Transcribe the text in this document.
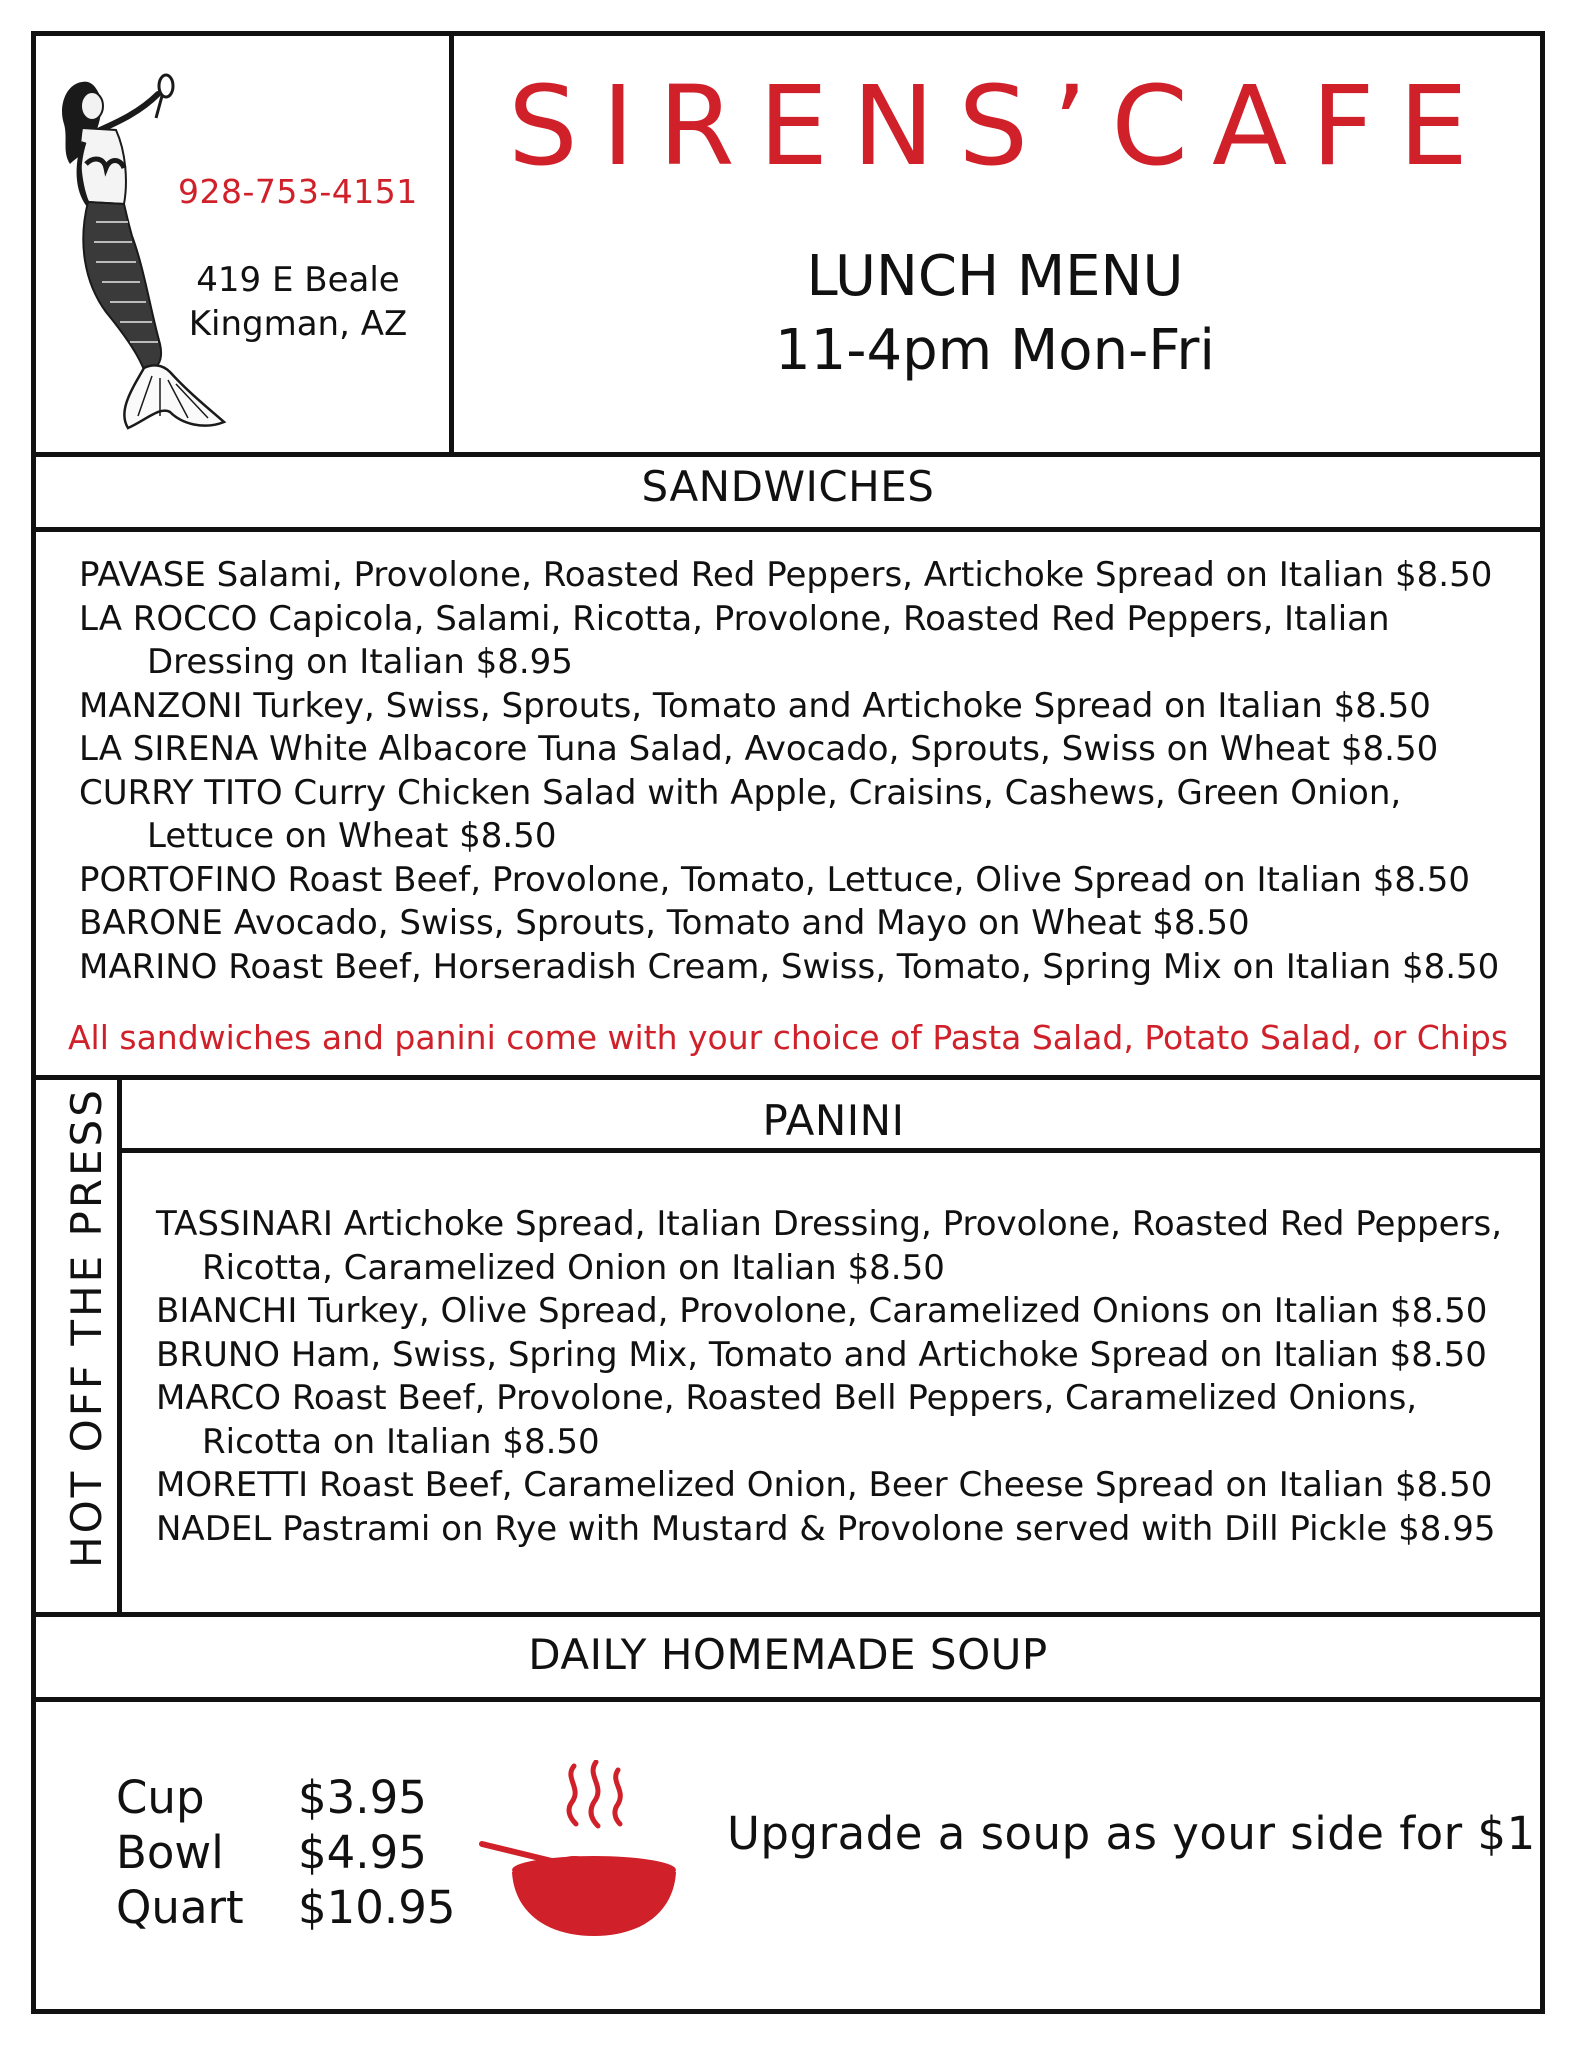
928-753-4151
419 E Beale
Kingman, AZ
SIRENS’CAFE
LUNCH MENU
11-4pm Mon-Fri
SANDWICHES
PAVASE Salami, Provolone, Roasted Red Peppers, Artichoke Spread on Italian $8.50
LA ROCCO Capicola, Salami, Ricotta, Provolone, Roasted Red Peppers, Italian Dressing on Italian $8.95
MANZONI Turkey, Swiss, Sprouts, Tomato and Artichoke Spread on Italian $8.50
LA SIRENA White Albacore Tuna Salad, Avocado, Sprouts, Swiss on Wheat $8.50
CURRY TITO Curry Chicken Salad with Apple, Craisins, Cashews, Green Onion, Lettuce on Wheat $8.50
PORTOFINO Roast Beef, Provolone, Tomato, Lettuce, Olive Spread on Italian $8.50
BARONE Avocado, Swiss, Sprouts, Tomato and Mayo on Wheat $8.50
MARINO Roast Beef, Horseradish Cream, Swiss, Tomato, Spring Mix on Italian $8.50
All sandwiches and panini come with your choice of Pasta Salad, Potato Salad, or Chips
HOT OFF THE PRESS	PANINI
TASSINARI Artichoke Spread, Italian Dressing, Provolone, Roasted Red Peppers, Ricotta, Caramelized Onion on Italian $8.50
BIANCHI Turkey, Olive Spread, Provolone, Caramelized Onions on Italian $8.50
BRUNO Ham, Swiss, Spring Mix, Tomato and Artichoke Spread on Italian $8.50
MARCO Roast Beef, Provolone, Roasted Bell Peppers, Caramelized Onions, Ricotta on Italian $8.50
MORETTI Roast Beef, Caramelized Onion, Beer Cheese Spread on Italian $8.50
NADEL Pastrami on Rye with Mustard & Provolone served with Dill Pickle $8.95
DAILY HOMEMADE SOUP
Cup	$3.95
Bowl	$4.95
Quart	$10.95
Upgrade a soup as your side for $1
